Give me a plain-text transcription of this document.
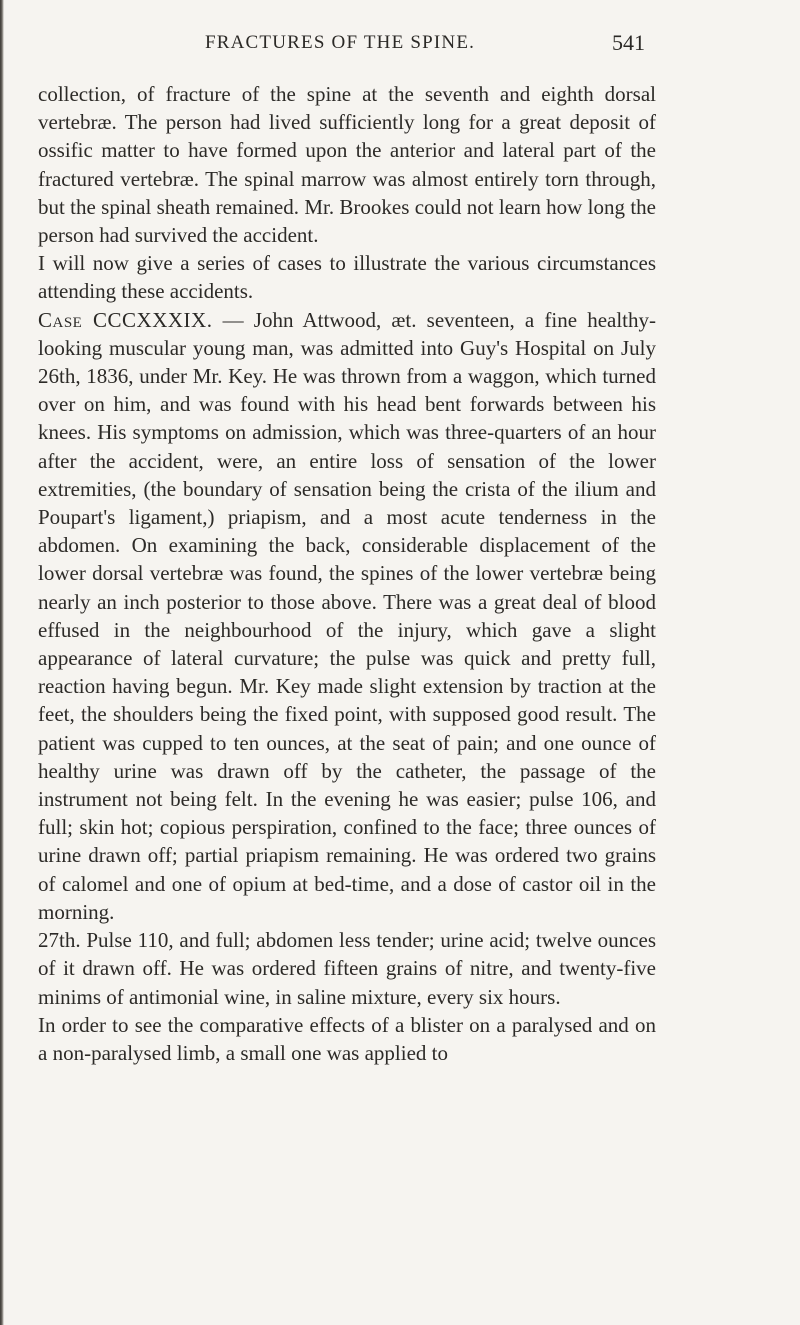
FRACTURES OF THE SPINE.	541

collection, of fracture of the spine at the seventh and eighth dorsal vertebræ. The person had lived sufficiently long for a great deposit of ossific matter to have formed upon the anterior and lateral part of the fractured vertebræ. The spinal marrow was almost entirely torn through, but the spinal sheath remained. Mr. Brookes could not learn how long the person had survived the accident.

I will now give a series of cases to illustrate the various circumstances attending these accidents.

Case CCCXXXIX. — John Attwood, æt. seventeen, a fine healthy-looking muscular young man, was admitted into Guy's Hospital on July 26th, 1836, under Mr. Key. He was thrown from a waggon, which turned over on him, and was found with his head bent forwards between his knees. His symptoms on admission, which was three-quarters of an hour after the accident, were, an entire loss of sensation of the lower extremities, (the boundary of sensation being the crista of the ilium and Poupart's ligament,) priapism, and a most acute tenderness in the abdomen. On examining the back, considerable displacement of the lower dorsal vertebræ was found, the spines of the lower vertebræ being nearly an inch posterior to those above. There was a great deal of blood effused in the neighbourhood of the injury, which gave a slight appearance of lateral curvature; the pulse was quick and pretty full, reaction having begun. Mr. Key made slight extension by traction at the feet, the shoulders being the fixed point, with supposed good result. The patient was cupped to ten ounces, at the seat of pain; and one ounce of healthy urine was drawn off by the catheter, the passage of the instrument not being felt. In the evening he was easier; pulse 106, and full; skin hot; copious perspiration, confined to the face; three ounces of urine drawn off; partial priapism remaining. He was ordered two grains of calomel and one of opium at bed-time, and a dose of castor oil in the morning.

27th. Pulse 110, and full; abdomen less tender; urine acid; twelve ounces of it drawn off. He was ordered fifteen grains of nitre, and twenty-five minims of antimonial wine, in saline mixture, every six hours.

In order to see the comparative effects of a blister on a paralysed and on a non-paralysed limb, a small one was applied to
